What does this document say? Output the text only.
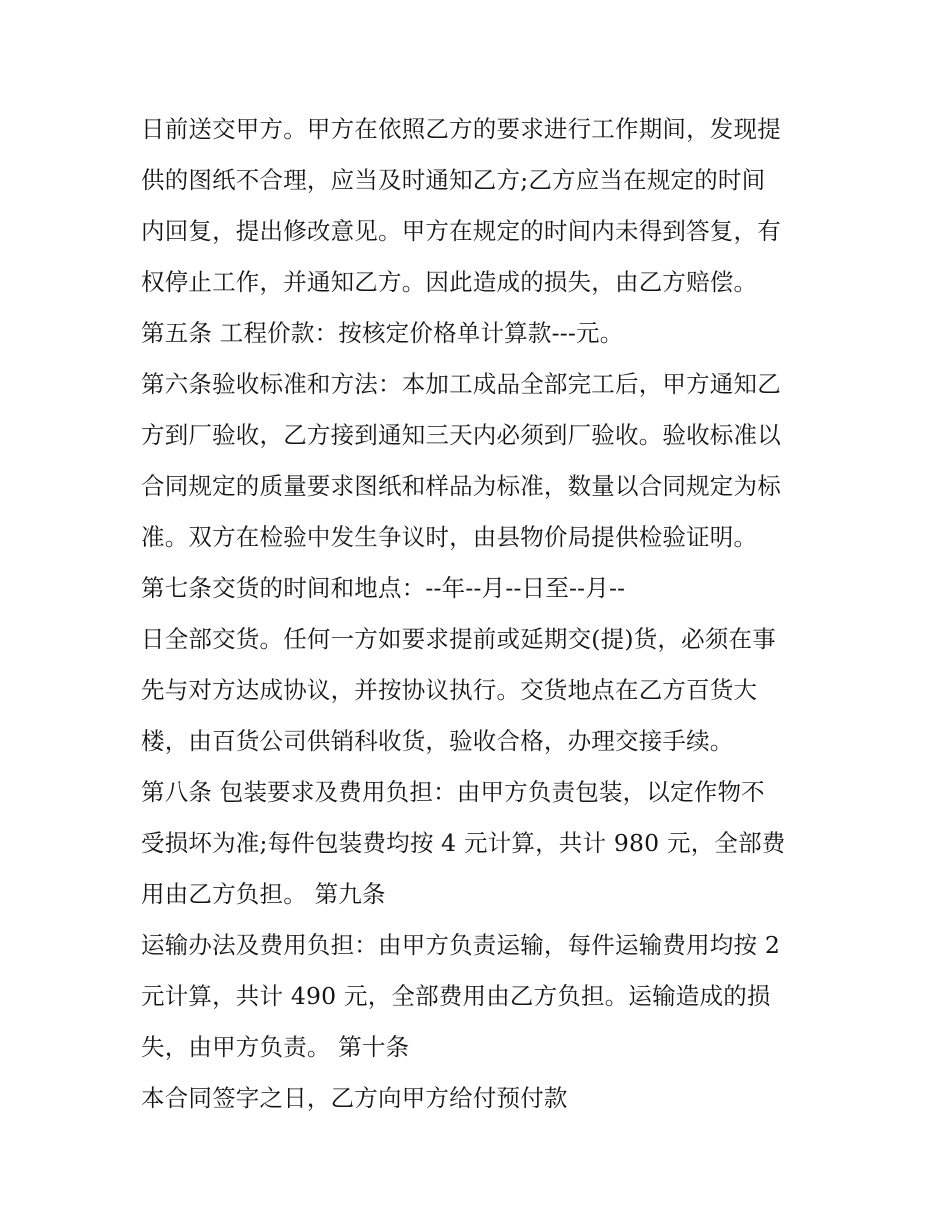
日前送交甲方。甲方在依照乙方的要求进行工作期间，发现提
供的图纸不合理，应当及时通知乙方;乙方应当在规定的时间
内回复，提出修改意见。甲方在规定的时间内未得到答复，有
权停止工作，并通知乙方。因此造成的损失，由乙方赔偿。
第五条 工程价款：按核定价格单计算款---元。
第六条验收标准和方法：本加工成品全部完工后，甲方通知乙
方到厂验收，乙方接到通知三天内必须到厂验收。验收标准以
合同规定的质量要求图纸和样品为标准，数量以合同规定为标
准。双方在检验中发生争议时，由县物价局提供检验证明。
第七条交货的时间和地点：--年--月--日至--月--
日全部交货。任何一方如要求提前或延期交(提)货，必须在事
先与对方达成协议，并按协议执行。交货地点在乙方百货大
楼，由百货公司供销科收货，验收合格，办理交接手续。
第八条 包装要求及费用负担：由甲方负责包装，以定作物不
受损坏为准;每件包装费均按 4 元计算，共计 980 元，全部费
用由乙方负担。 第九条
运输办法及费用负担：由甲方负责运输，每件运输费用均按 2
元计算，共计 490 元，全部费用由乙方负担。运输造成的损
失，由甲方负责。 第十条
本合同签字之日，乙方向甲方给付预付款
